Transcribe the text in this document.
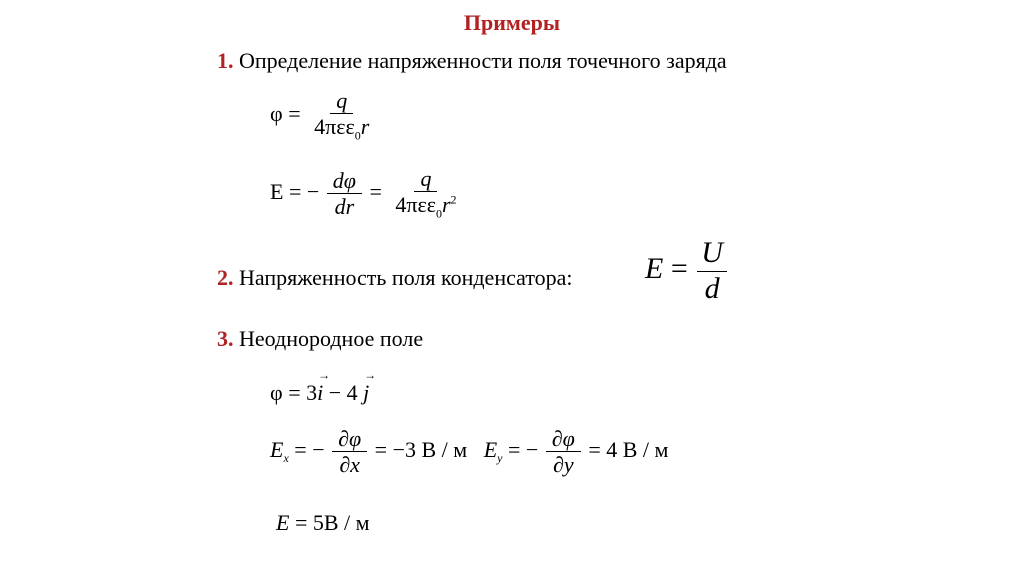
Примеры
1. Определение напряженности поля точечного заряда
$\varphi = \frac{q}{4\pi\varepsilon\varepsilon_0r}$
E = − $\frac{d\varphi}{dr} = \frac{q}{4\pi\varepsilon\varepsilon_0r^2}$
2. Напряженность поля конденсатора: $E = \frac{U}{d}$
3. Неоднородное поле
φ = 3→ i − 4 → j
$E_x$ = − $\frac{\partial\varphi}{\partial x} = -3$ В / м $E_y$ = − $\frac{\partial\varphi}{\partial y} = 4$ В / м
E = 5В / м
